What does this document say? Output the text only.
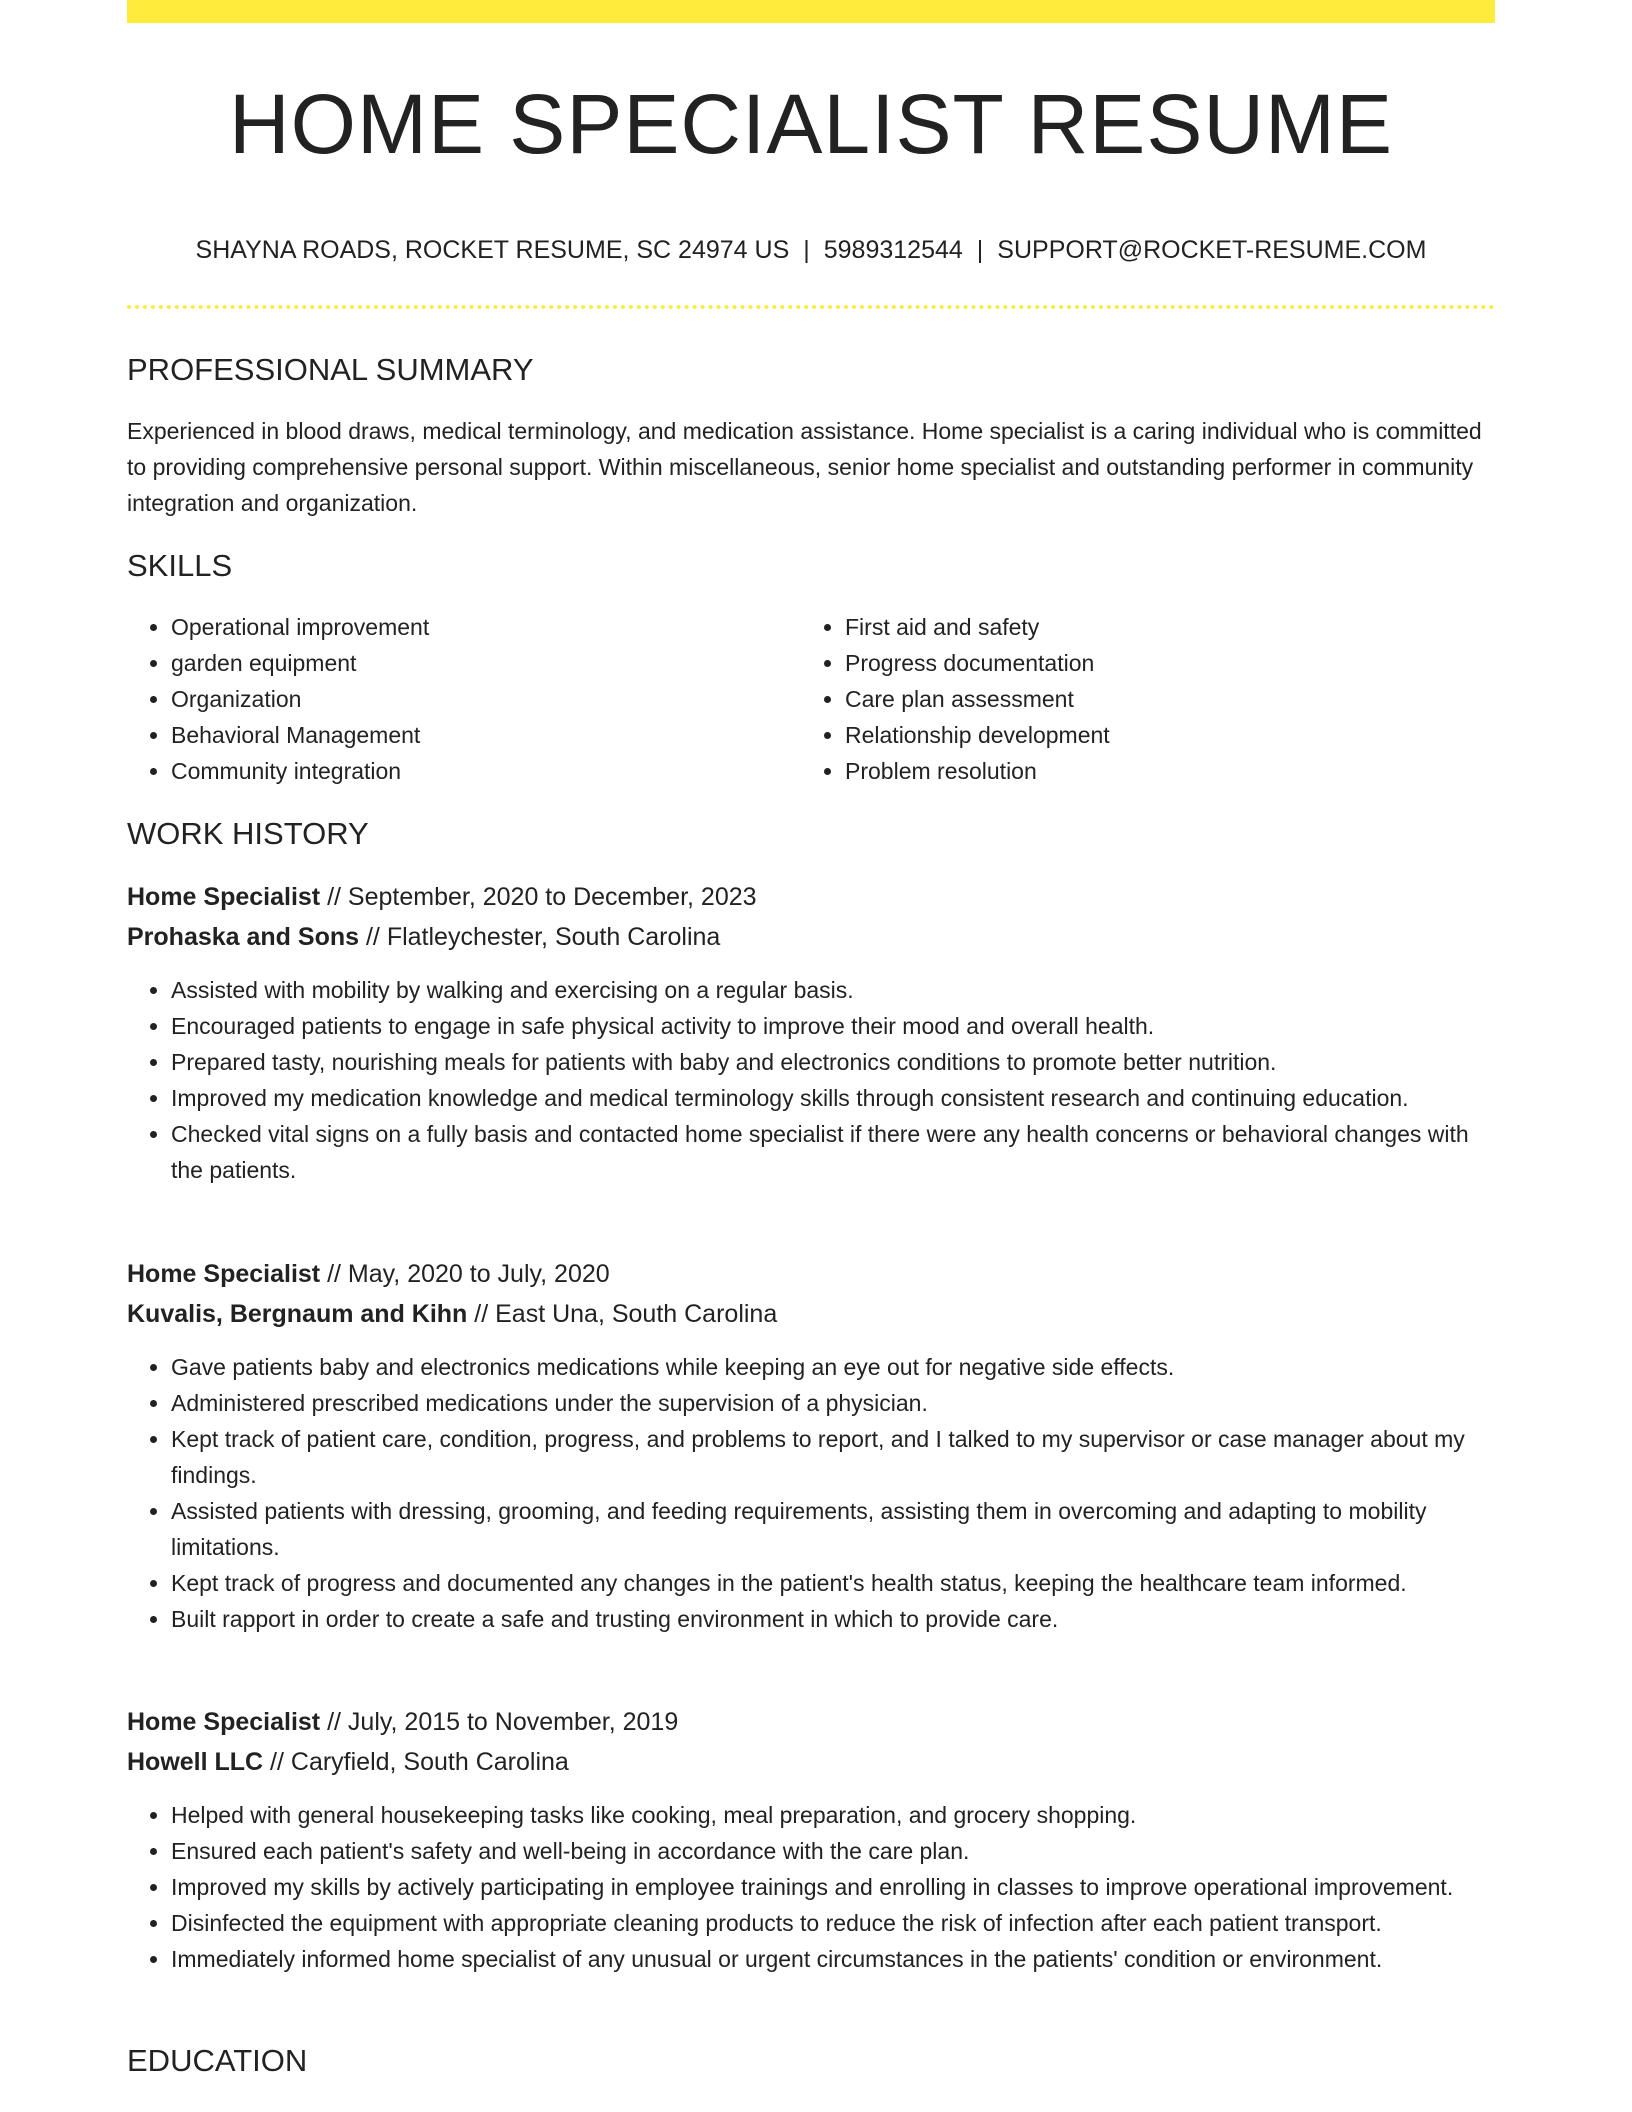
HOME SPECIALIST RESUME
SHAYNA ROADS, ROCKET RESUME, SC 24974 US | 5989312544 | SUPPORT@ROCKET-RESUME.COM
PROFESSIONAL SUMMARY

Experienced in blood draws, medical terminology, and medication assistance. Home specialist is a caring individual who is committed to providing comprehensive personal support. Within miscellaneous, senior home specialist and outstanding performer in community integration and organization.

SKILLS
• Operational improvement
• garden equipment
• Organization
• Behavioral Management
• Community integration
• First aid and safety
• Progress documentation
• Care plan assessment
• Relationship development
• Problem resolution
WORK HISTORY
Home Specialist // September, 2020 to December, 2023
Prohaska and Sons // Flatleychester, South Carolina
• Assisted with mobility by walking and exercising on a regular basis.
• Encouraged patients to engage in safe physical activity to improve their mood and overall health.
• Prepared tasty, nourishing meals for patients with baby and electronics conditions to promote better nutrition.
• Improved my medication knowledge and medical terminology skills through consistent research and continuing education.
• Checked vital signs on a fully basis and contacted home specialist if there were any health concerns or behavioral changes with the patients.
Home Specialist // May, 2020 to July, 2020
Kuvalis, Bergnaum and Kihn // East Una, South Carolina
• Gave patients baby and electronics medications while keeping an eye out for negative side effects.
• Administered prescribed medications under the supervision of a physician.
• Kept track of patient care, condition, progress, and problems to report, and I talked to my supervisor or case manager about my findings.
• Assisted patients with dressing, grooming, and feeding requirements, assisting them in overcoming and adapting to mobility limitations.
• Kept track of progress and documented any changes in the patient's health status, keeping the healthcare team informed.
• Built rapport in order to create a safe and trusting environment in which to provide care.
Home Specialist // July, 2015 to November, 2019
Howell LLC // Caryfield, South Carolina
• Helped with general housekeeping tasks like cooking, meal preparation, and grocery shopping.
• Ensured each patient's safety and well-being in accordance with the care plan.
• Improved my skills by actively participating in employee trainings and enrolling in classes to improve operational improvement.
• Disinfected the equipment with appropriate cleaning products to reduce the risk of infection after each patient transport.
• Immediately informed home specialist of any unusual or urgent circumstances in the patients' condition or environment.
EDUCATION
